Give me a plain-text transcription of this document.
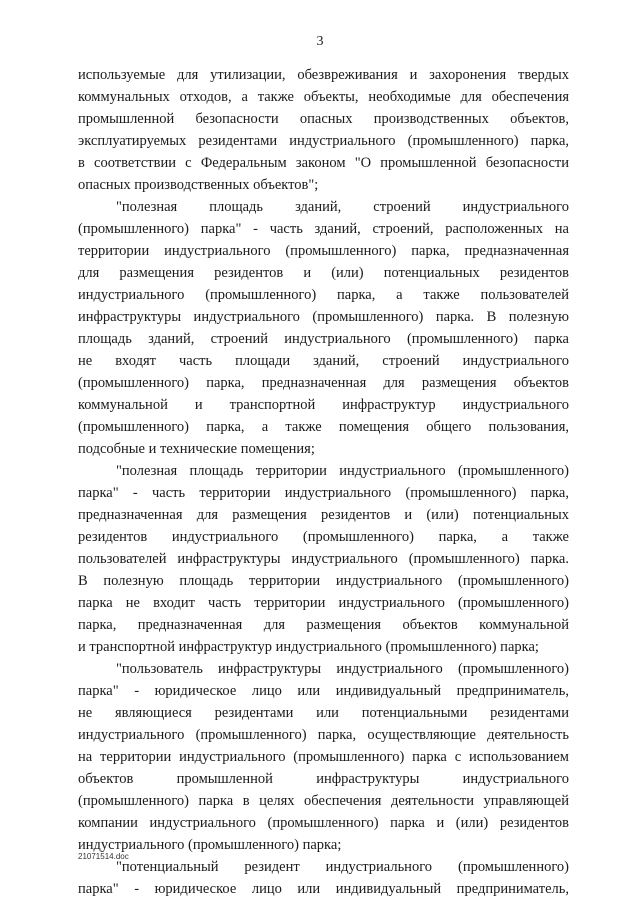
3
используемые для утилизации, обезвреживания и захоронения твердых
коммунальных отходов, а также объекты, необходимые для обеспечения
промышленной безопасности опасных производственных объектов,
эксплуатируемых резидентами индустриального (промышленного) парка,
в соответствии с Федеральным законом "О промышленной безопасности
опасных производственных объектов";
"полезная площадь зданий, строений индустриального
(промышленного) парка" - часть зданий, строений, расположенных на
территории индустриального (промышленного) парка, предназначенная
для размещения резидентов и (или) потенциальных резидентов
индустриального (промышленного) парка, а также пользователей
инфраструктуры индустриального (промышленного) парка. В полезную
площадь зданий, строений индустриального (промышленного) парка
не входят часть площади зданий, строений индустриального
(промышленного) парка, предназначенная для размещения объектов
коммунальной и транспортной инфраструктур индустриального
(промышленного) парка, а также помещения общего пользования,
подсобные и технические помещения;
"полезная площадь территории индустриального (промышленного)
парка" - часть территории индустриального (промышленного) парка,
предназначенная для размещения резидентов и (или) потенциальных
резидентов индустриального (промышленного) парка, а также
пользователей инфраструктуры индустриального (промышленного) парка.
В полезную площадь территории индустриального (промышленного)
парка не входит часть территории индустриального (промышленного)
парка, предназначенная для размещения объектов коммунальной
и транспортной инфраструктур индустриального (промышленного) парка;
"пользователь инфраструктуры индустриального (промышленного)
парка" - юридическое лицо или индивидуальный предприниматель,
не являющиеся резидентами или потенциальными резидентами
индустриального (промышленного) парка, осуществляющие деятельность
на территории индустриального (промышленного) парка с использованием
объектов промышленной инфраструктуры индустриального
(промышленного) парка в целях обеспечения деятельности управляющей
компании индустриального (промышленного) парка и (или) резидентов
индустриального (промышленного) парка;
"потенциальный резидент индустриального (промышленного)
парка" - юридическое лицо или индивидуальный предприниматель,
21071514.doc
